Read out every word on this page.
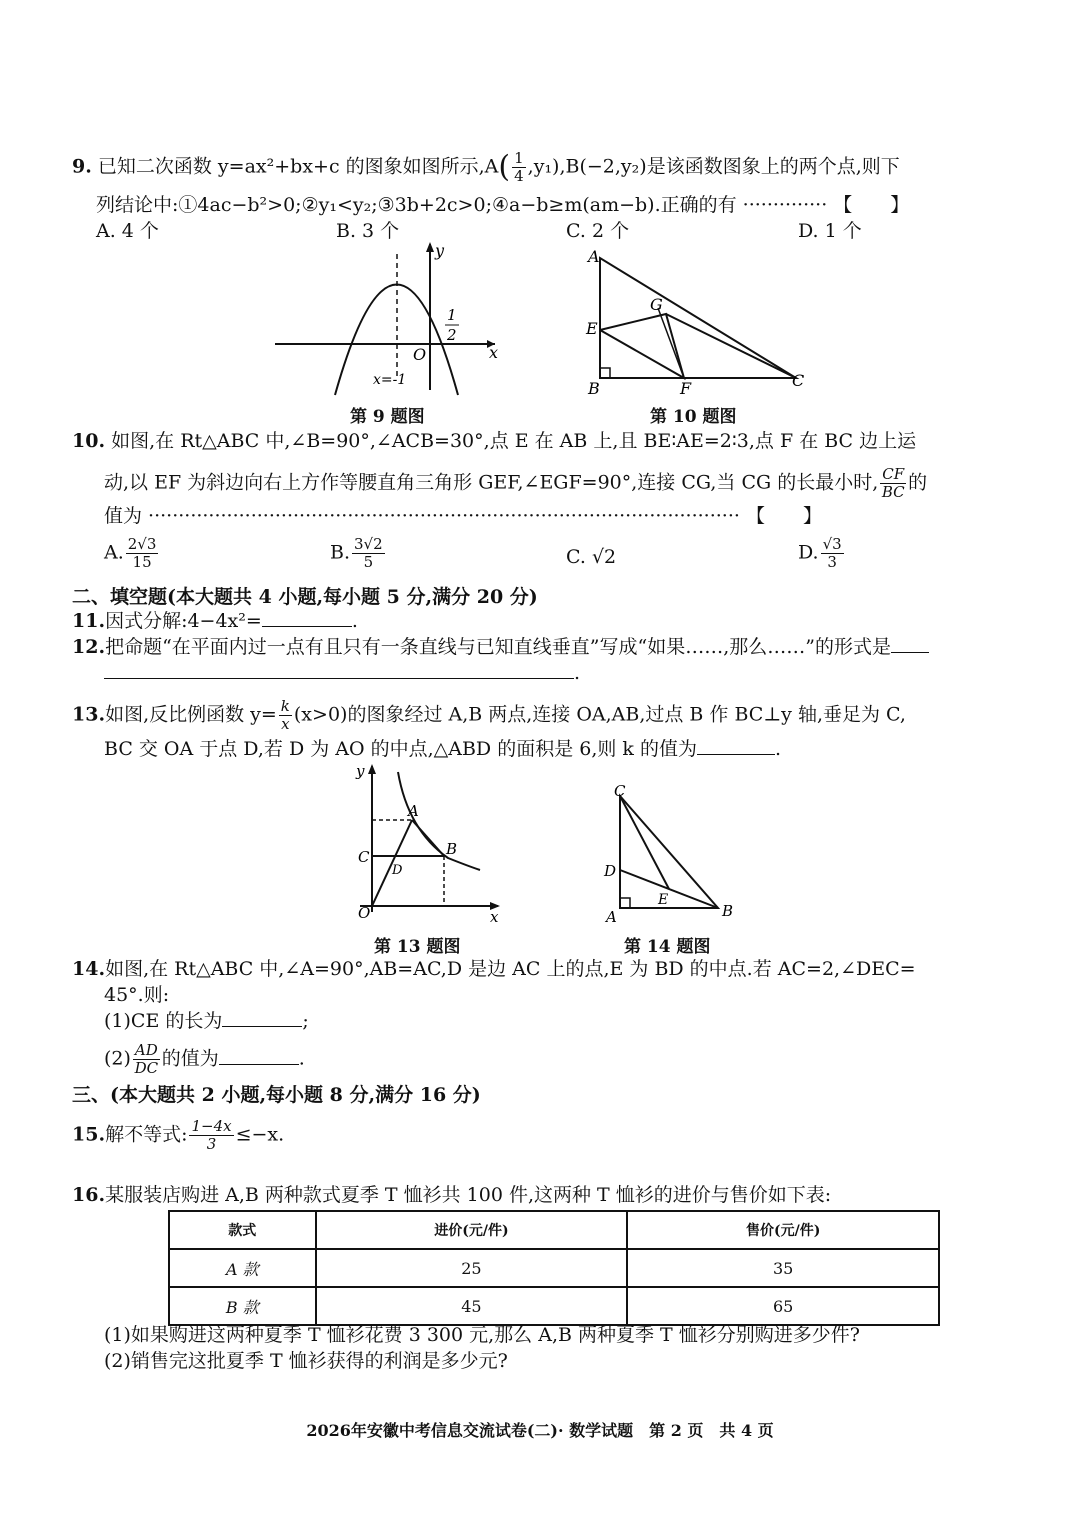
9. 已知二次函数 y=ax²+bx+c 的图象如图所示$,A( \frac{1}{4} ,y_1),B(-2,y_2)$是该函数图象上的两个点,则下
列结论中:①4ac−b²>0;②y₁<y₂;③3b+2c>0;④a−b≥m(am−b).正确的有 ·············· 【　　】
A. 4 个	B. 3 个	C. 2 个	D. 1 个
y
x
O
x=-1
1
2
第 9 题图
A
E
B
G
F	C
第 10 题图
10. 如图,在 Rt△ABC 中,∠B=90°,∠ACB=30°,点 E 在 AB 上,且 BE∶AE=2∶3,点 F 在 BC 边上运
动,以 EF 为斜边向右上方作等腰直角三角形 GEF,∠EGF=90°,连接 CG,当 CG 的长最小时, $\frac{CF}{BC}$ 的
值为 ·································································································· 【　　】
A. $\frac{2√3}{15}$	B. $\frac{3√2}{5}$	C. √2	D. $\frac{√3}{3}$
二、填空题(本大题共 4 小题,每小题 5 分,满分 20 分)
11.因式分解:4−4x²=	.
12.把命题“在平面内过一点有且只有一条直线与已知直线垂直”写成“如果……,那么……”的形式是
.
13.如图,反比例函数 $y= \frac{k}{x} (x>0)$的图象经过 A,B 两点,连接 OA,AB,过点 B 作 BC⊥y 轴,垂足为 C,
BC 交 OA 于点 D,若 D 为 AO 的中点,△ABD 的面积是 6,则 k 的值为	.
y
x
O
A
B
C
D
第 13 题图
C
D
A	B
E
第 14 题图
14.如图,在 Rt△ABC 中,∠A=90°,AB=AC,D 是边 AC 上的点,E 为 BD 的中点.若 AC=2,∠DEC=
45°.则:
(1)CE 的长为	;
$(2) \frac{AD}{DC}$ 的值为	.
三、(本大题共 2 小题,每小题 8 分,满分 16 分)
15.解不等式: $\frac{1-4x}{3} \le-x$.
16.某服装店购进 A,B 两种款式夏季 T 恤衫共 100 件,这两种 T 恤衫的进价与售价如下表:
款式	进价(元/件)	售价(元/件)
A 款	25	35
B 款	45	65
(1)如果购进这两种夏季 T 恤衫花费 3 300 元,那么 A,B 两种夏季 T 恤衫分别购进多少件?
(2)销售完这批夏季 T 恤衫获得的利润是多少元?
2026年安徽中考信息交流试卷(二)· 数学试题　第 2 页　共 4 页
